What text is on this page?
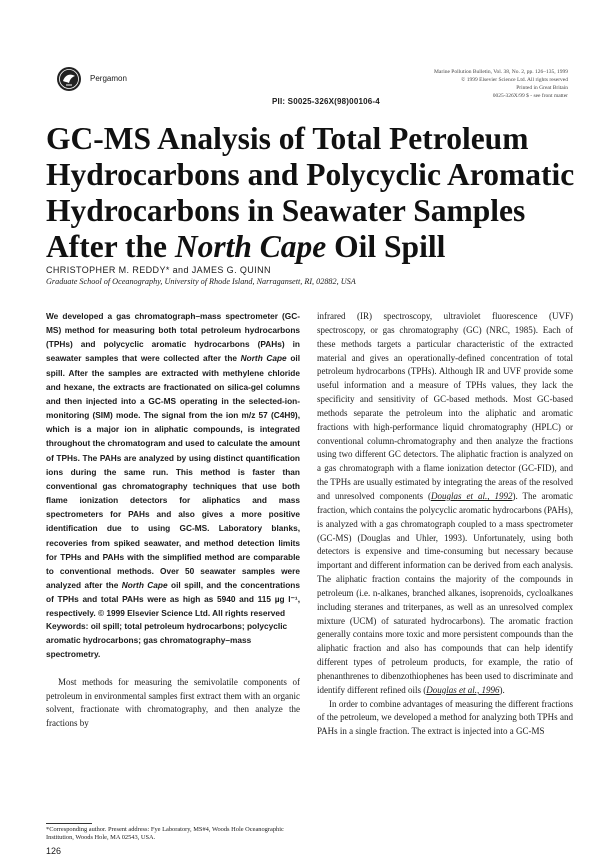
Pergamon
Marine Pollution Bulletin, Vol. 38, No. 2, pp. 126–135, 1999
© 1999 Elsevier Science Ltd. All rights reserved
Printed in Great Britain
0025-326X/99 $ - see front matter
PII: S0025-326X(98)00106-4
GC-MS Analysis of Total Petroleum Hydrocarbons and Polycyclic Aromatic Hydrocarbons in Seawater Samples After the North Cape Oil Spill
CHRISTOPHER M. REDDY* and JAMES G. QUINN
Graduate School of Oceanography, University of Rhode Island, Narragansett, RI, 02882, USA

We developed a gas chromatograph–mass spectrometer (GC-MS) method for measuring both total petroleum hydrocarbons (TPHs) and polycyclic aromatic hydrocarbons (PAHs) in seawater samples that were collected after the North Cape oil spill. After the samples are extracted with methylene chloride and hexane, the extracts are fractionated on silica-gel columns and then injected into a GC-MS operating in the selected-ion-monitoring (SIM) mode. The signal from the ion m/z 57 (C4H9), which is a major ion in aliphatic compounds, is integrated throughout the chromatogram and used to calculate the amount of TPHs. The PAHs are analyzed by using distinct quantification ions during the same run. This method is faster than conventional gas chromatography techniques that use both flame ionization detectors for aliphatics and mass spectrometers for PAHs and also gives a more positive identification due to using GC-MS. Laboratory blanks, recoveries from spiked seawater, and method detection limits for TPHs and PAHs with the simplified method are comparable to conventional methods. Over 50 seawater samples were analyzed after the North Cape oil spill, and the concentrations of TPHs and total PAHs were as high as 5940 and 115 µg l⁻¹, respectively. © 1999 Elsevier Science Ltd. All rights reserved

Keywords: oil spill; total petroleum hydrocarbons; polycyclic aromatic hydrocarbons; gas chromatography–mass spectrometry.

Most methods for measuring the semivolatile components of petroleum in environmental samples first extract them with an organic solvent, fractionate with chromatography, and then analyze the fractions by

*Corresponding author. Present address: Fye Laboratory, MS#4, Woods Hole Oceanographic Institution, Woods Hole, MA 02543, USA.
126

infrared (IR) spectroscopy, ultraviolet fluorescence (UVF) spectroscopy, or gas chromatography (GC) (NRC, 1985). Each of these methods targets a particular characteristic of the extracted material and gives an operationally-defined concentration of total petroleum hydrocarbons (TPHs). Although IR and UVF provide some useful information and a measure of TPHs values, they lack the specificity and sensitivity of GC-based methods. Most GC-based methods separate the petroleum into the aliphatic and aromatic fractions with high-performance liquid chromatography (HPLC) or conventional column-chromatography and then analyze the fractions using two different GC detectors. The aliphatic fraction is analyzed on a gas chromatograph with a flame ionization detector (GC-FID), and the TPHs are usually estimated by integrating the areas of the resolved and unresolved components (Douglas et al., 1992). The aromatic fraction, which contains the polycyclic aromatic hydrocarbons (PAHs), is analyzed with a gas chromatograph coupled to a mass spectrometer (GC-MS) (Douglas and Uhler, 1993). Unfortunately, using both detectors is expensive and time-consuming but necessary because important and different information can be derived from each analysis. The aliphatic fraction contains the majority of the compounds in petroleum (i.e. n-alkanes, branched alkanes, isoprenoids, cycloalkanes including steranes and triterpanes, as well as an unresolved complex mixture (UCM) of saturated hydrocarbons). The aromatic fraction generally contains more toxic and more persistent compounds than the aliphatic fraction and also has compounds that can help identify different types of petroleum products, for example, the ratio of phenanthrenes to dibenzothiophenes has been used to discriminate and identify different refined oils (Douglas et al., 1996).

In order to combine advantages of measuring the different fractions of the petroleum, we developed a method for analyzing both TPHs and PAHs in a single fraction. The extract is injected into a GC-MS
